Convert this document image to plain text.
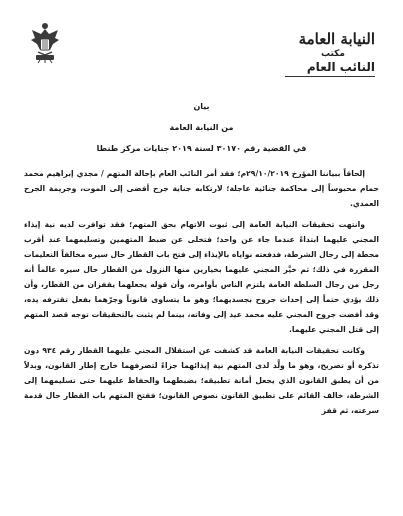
النيابة العامة
مكتب
النائب العام
بيان
من النيابة العامة
في القضية رقم ٣٠١٧٠ لسنة ٢٠١٩ جنايات مركز طنطا
إلحاقاً ببياننا المؤرخ ٢٩/١٠/٢٠١٩م؛ فقد أمر النائب العام بإحالة المتهم / مجدي إبراهيم محمد حمام محبوساً إلى محاكمة جنائية عاجلة؛ لارتكابه جناية جرح أفضى إلى الموت، وجريمة الجرح العمدي.
وانتهت تحقيقات النيابة العامة إلى ثبوت الاتهام بحق المتهم؛ فقد توافرت لديه نية إيذاء المجني عليهما ابتداءً عندما جاء عن واحد؛ فتخلى عن ضبط المتهمين وتسليمهما عند أقرب محطة إلى رجال الشرطة، فدفعته نواياه بالإيذاء إلى فتح باب القطار حال سيره مخالفاً التعليمات المقررة في ذلك؛ ثم خيَّر المجني عليهما بخيارين منها النزول من القطار حال سيره عالماً أنه رجل من رجال السلطة العامة يلتزم الناس بأوامره، وأن قوله يجعلهما يقفزان من القطار، وأن ذلك يؤدي حتماً إلى إحداث جروح بجسديهما؛ وهو ما يتساوى قانوناً وجرّهما بفعل تقترفه يده، وقد أفضت جروح المجني عليه محمد عيد إلى وفاته، بينما لم يثبت بالتحقيقات توجه قصد المتهم إلى قتل المجني عليهما.
وكانت تحقيقات النيابة العامة قد كشفت عن استقلال المجني عليهما القطار رقم ٩٣٤ دون تذكرة أو تصريح، وهو ما ولَّد لدى المتهم نية إيذائهما جزاءً لتصرفهما خارج إطار القانون، وبدلاً من أن يطبق القانون الذي يجعل أمانة تطبيقه؛ بضبطهما والحفاظ عليهما حتى تسليمهما إلى الشرطة، خالف القائم على تطبيق القانون نصوص القانون؛ ففتح المتهم باب القطار حال قدمة سرعته، ثم قفز
